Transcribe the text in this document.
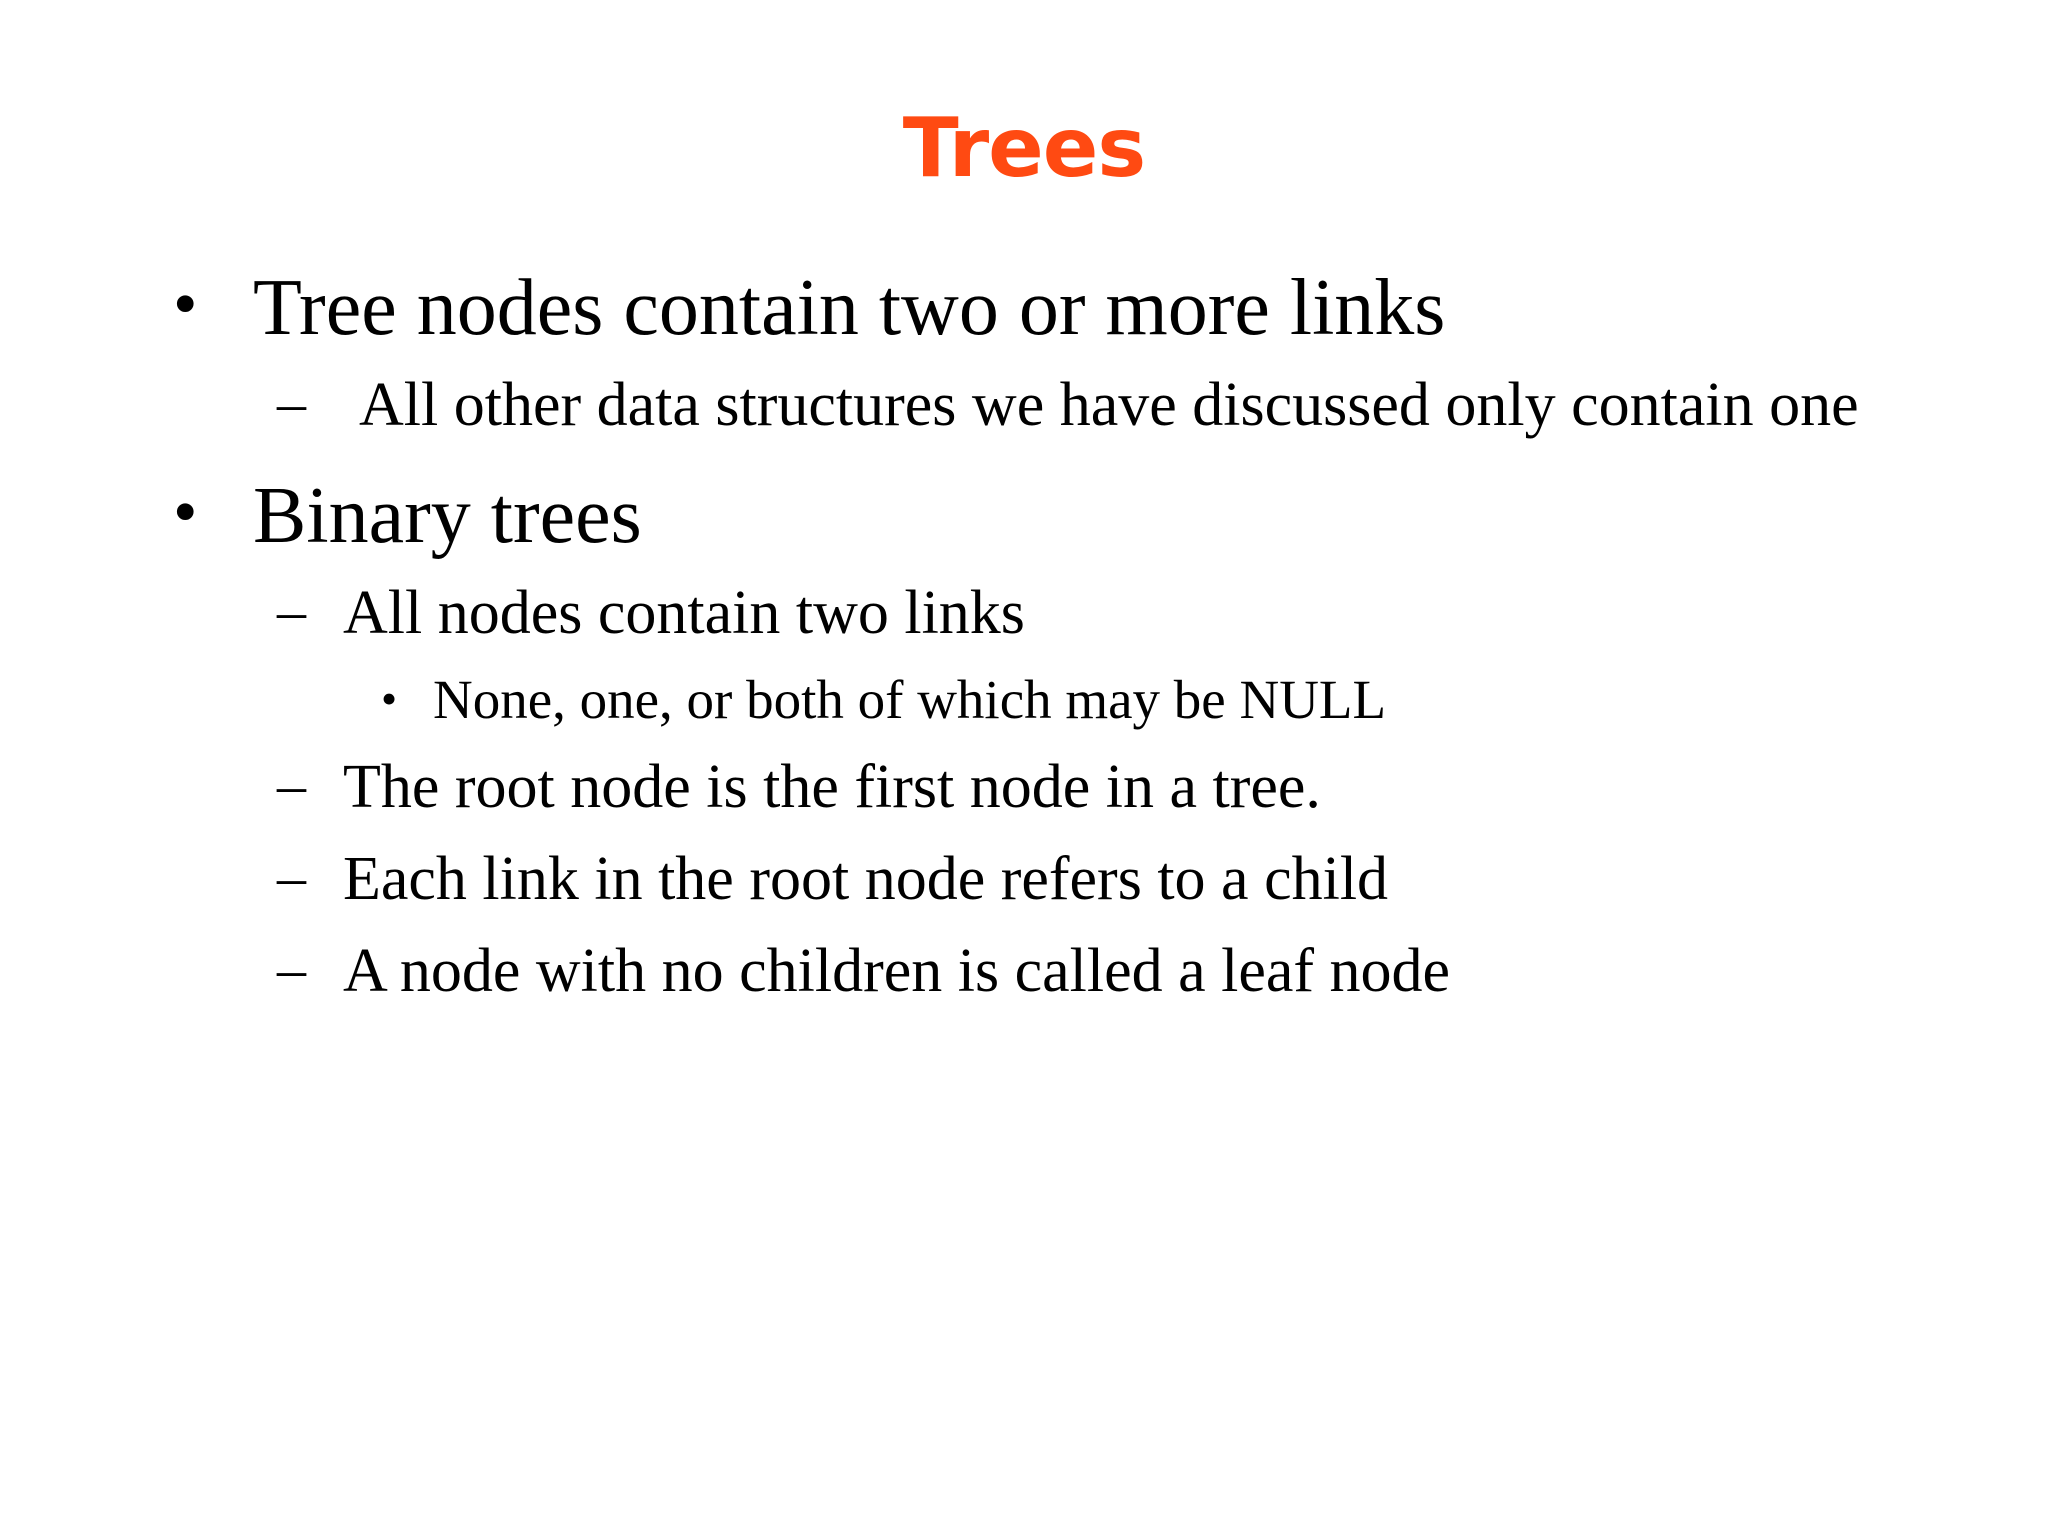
Trees
• Tree nodes contain two or more links
– All other data structures we have discussed only contain one
• Binary trees
– All nodes contain two links
• None, one, or both of which may be NULL
– The root node is the first node in a tree.
– Each link in the root node refers to a child
– A node with no children is called a leaf node
